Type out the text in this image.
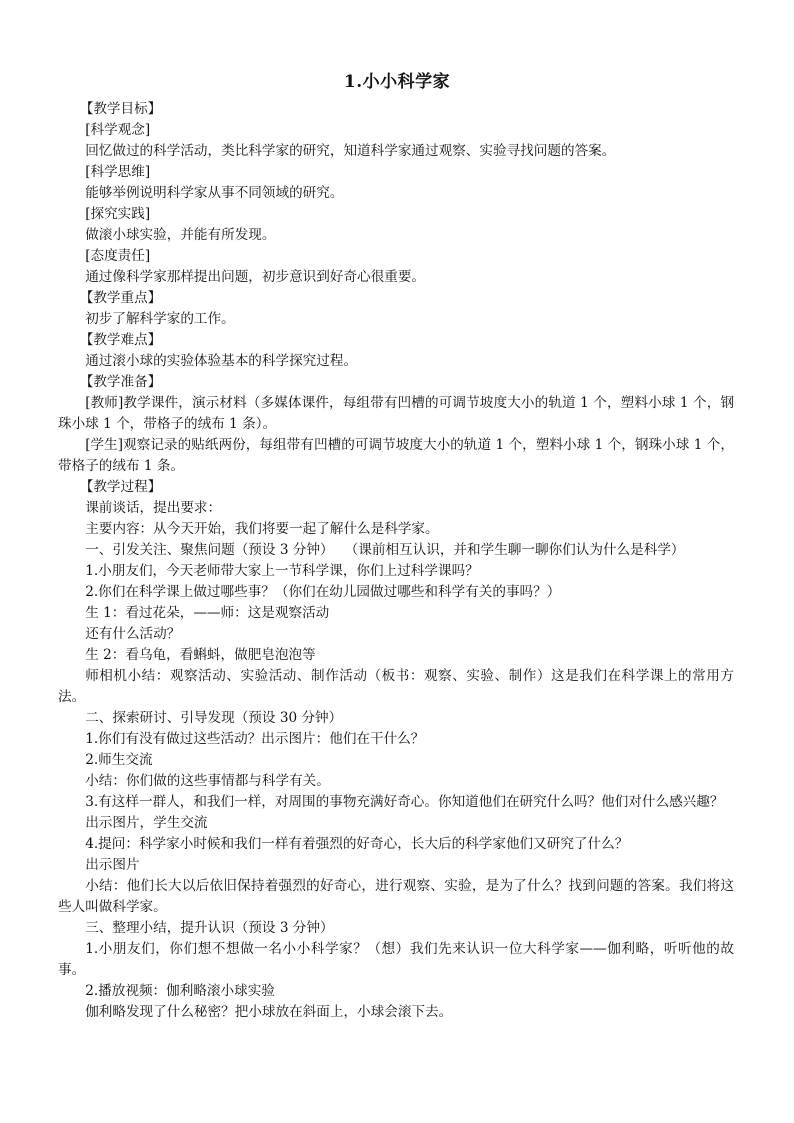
1.小小科学家

【教学目标】

[科学观念]

回忆做过的科学活动，类比科学家的研究，知道科学家通过观察、实验寻找问题的答案。

[科学思维]

能够举例说明科学家从事不同领域的研究。

[探究实践]

做滚小球实验，并能有所发现。

[态度责任]

通过像科学家那样提出问题，初步意识到好奇心很重要。

【教学重点】

初步了解科学家的工作。

【教学难点】

通过滚小球的实验体验基本的科学探究过程。

【教学准备】

[教师]教学课件，演示材料（多媒体课件，每组带有凹槽的可调节坡度大小的轨道 1 个，塑料小球 1 个，钢珠小球 1 个，带格子的绒布 1 条）。

[学生]观察记录的贴纸两份，每组带有凹槽的可调节坡度大小的轨道 1 个，塑料小球 1 个，钢珠小球 1 个，带格子的绒布 1 条。

【教学过程】

课前谈话，提出要求：

主要内容：从今天开始，我们将要一起了解什么是科学家。

一、引发关注、聚焦问题（预设 3 分钟）　 （课前相互认识，并和学生聊一聊你们认为什么是科学）

1.小朋友们，今天老师带大家上一节科学课，你们上过科学课吗？

2.你们在科学课上做过哪些事？（你们在幼儿园做过哪些和科学有关的事吗？）

生 1：看过花朵，——师：这是观察活动

还有什么活动？

生 2：看乌龟，看蝌蚪，做肥皂泡泡等

师相机小结：观察活动、实验活动、制作活动（板书：观察、实验、制作）这是我们在科学课上的常用方法。

二、探索研讨、引导发现（预设 30 分钟）

1.你们有没有做过这些活动？出示图片：他们在干什么？

2.师生交流

小结：你们做的这些事情都与科学有关。

3.有这样一群人，和我们一样，对周围的事物充满好奇心。你知道他们在研究什么吗？他们对什么感兴趣？

出示图片，学生交流

4.提问：科学家小时候和我们一样有着强烈的好奇心，长大后的科学家他们又研究了什么？

出示图片

小结：他们长大以后依旧保持着强烈的好奇心，进行观察、实验，是为了什么？找到问题的答案。我们将这些人叫做科学家。

三、整理小结，提升认识（预设 3 分钟）

1.小朋友们，你们想不想做一名小小科学家？（想）我们先来认识一位大科学家——伽利略，听听他的故事。

2.播放视频：伽利略滚小球实验

伽利略发现了什么秘密？把小球放在斜面上，小球会滚下去。
